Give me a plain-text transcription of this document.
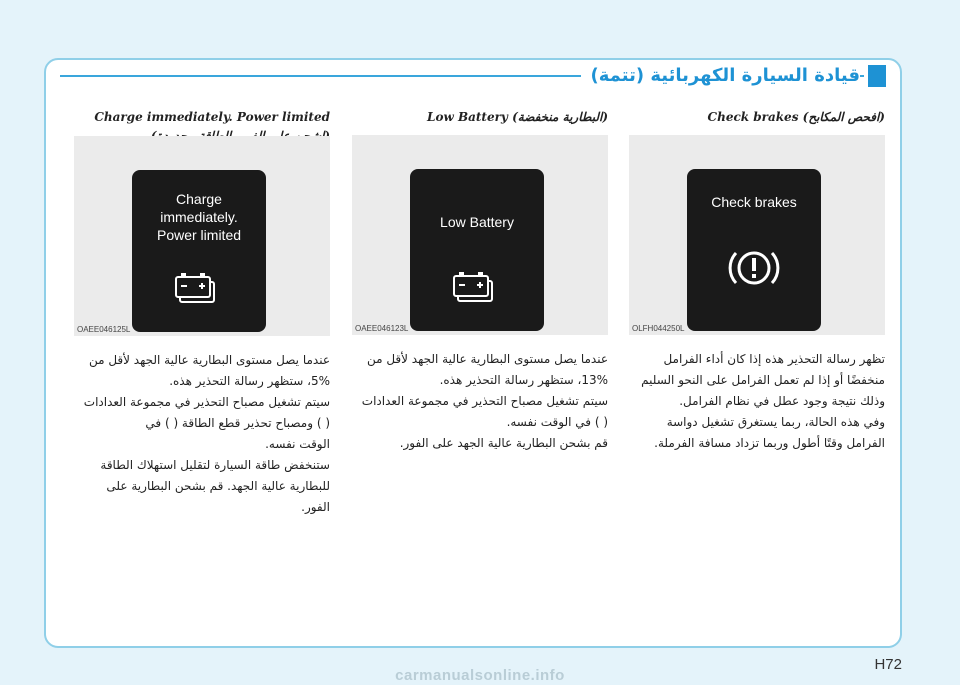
قيادة السيارة الكهربائية (تتمة)
Charge immediately. Power limited
Charge
immediately.
Power limited
OAEE046125L

عندما يصل مستوى البطارية عالية الجهد لأقل من

5%، ستظهر رسالة التحذير هذه.

سيتم تشغيل مصباح التحذير في مجموعة العدادات

( ) ومصباح تحذير قطع الطاقة ( ) في

الوقت نفسه.

ستنخفض طاقة السيارة لتقليل استهلاك الطاقة

للبطارية عالية الجهد. قم بشحن البطارية على

الفور.

Low Battery (البطارية منخفضة)
Low Battery
OAEE046123L

عندما يصل مستوى البطارية عالية الجهد لأقل من

13%، ستظهر رسالة التحذير هذه.

سيتم تشغيل مصباح التحذير في مجموعة العدادات

( ) في الوقت نفسه.

قم بشحن البطارية عالية الجهد على الفور.

Check brakes (افحص المكابح)
Check brakes
OLFH044250L

تظهر رسالة التحذير هذه إذا كان أداء الفرامل

منخفضًا أو إذا لم تعمل الفرامل على النحو السليم

وذلك نتيجة وجود عطل في نظام الفرامل.

وفي هذه الحالة، ربما يستغرق تشغيل دواسة

الفرامل وقتًا أطول وربما تزداد مسافة الفرملة.

H72
carmanualsonline.info
